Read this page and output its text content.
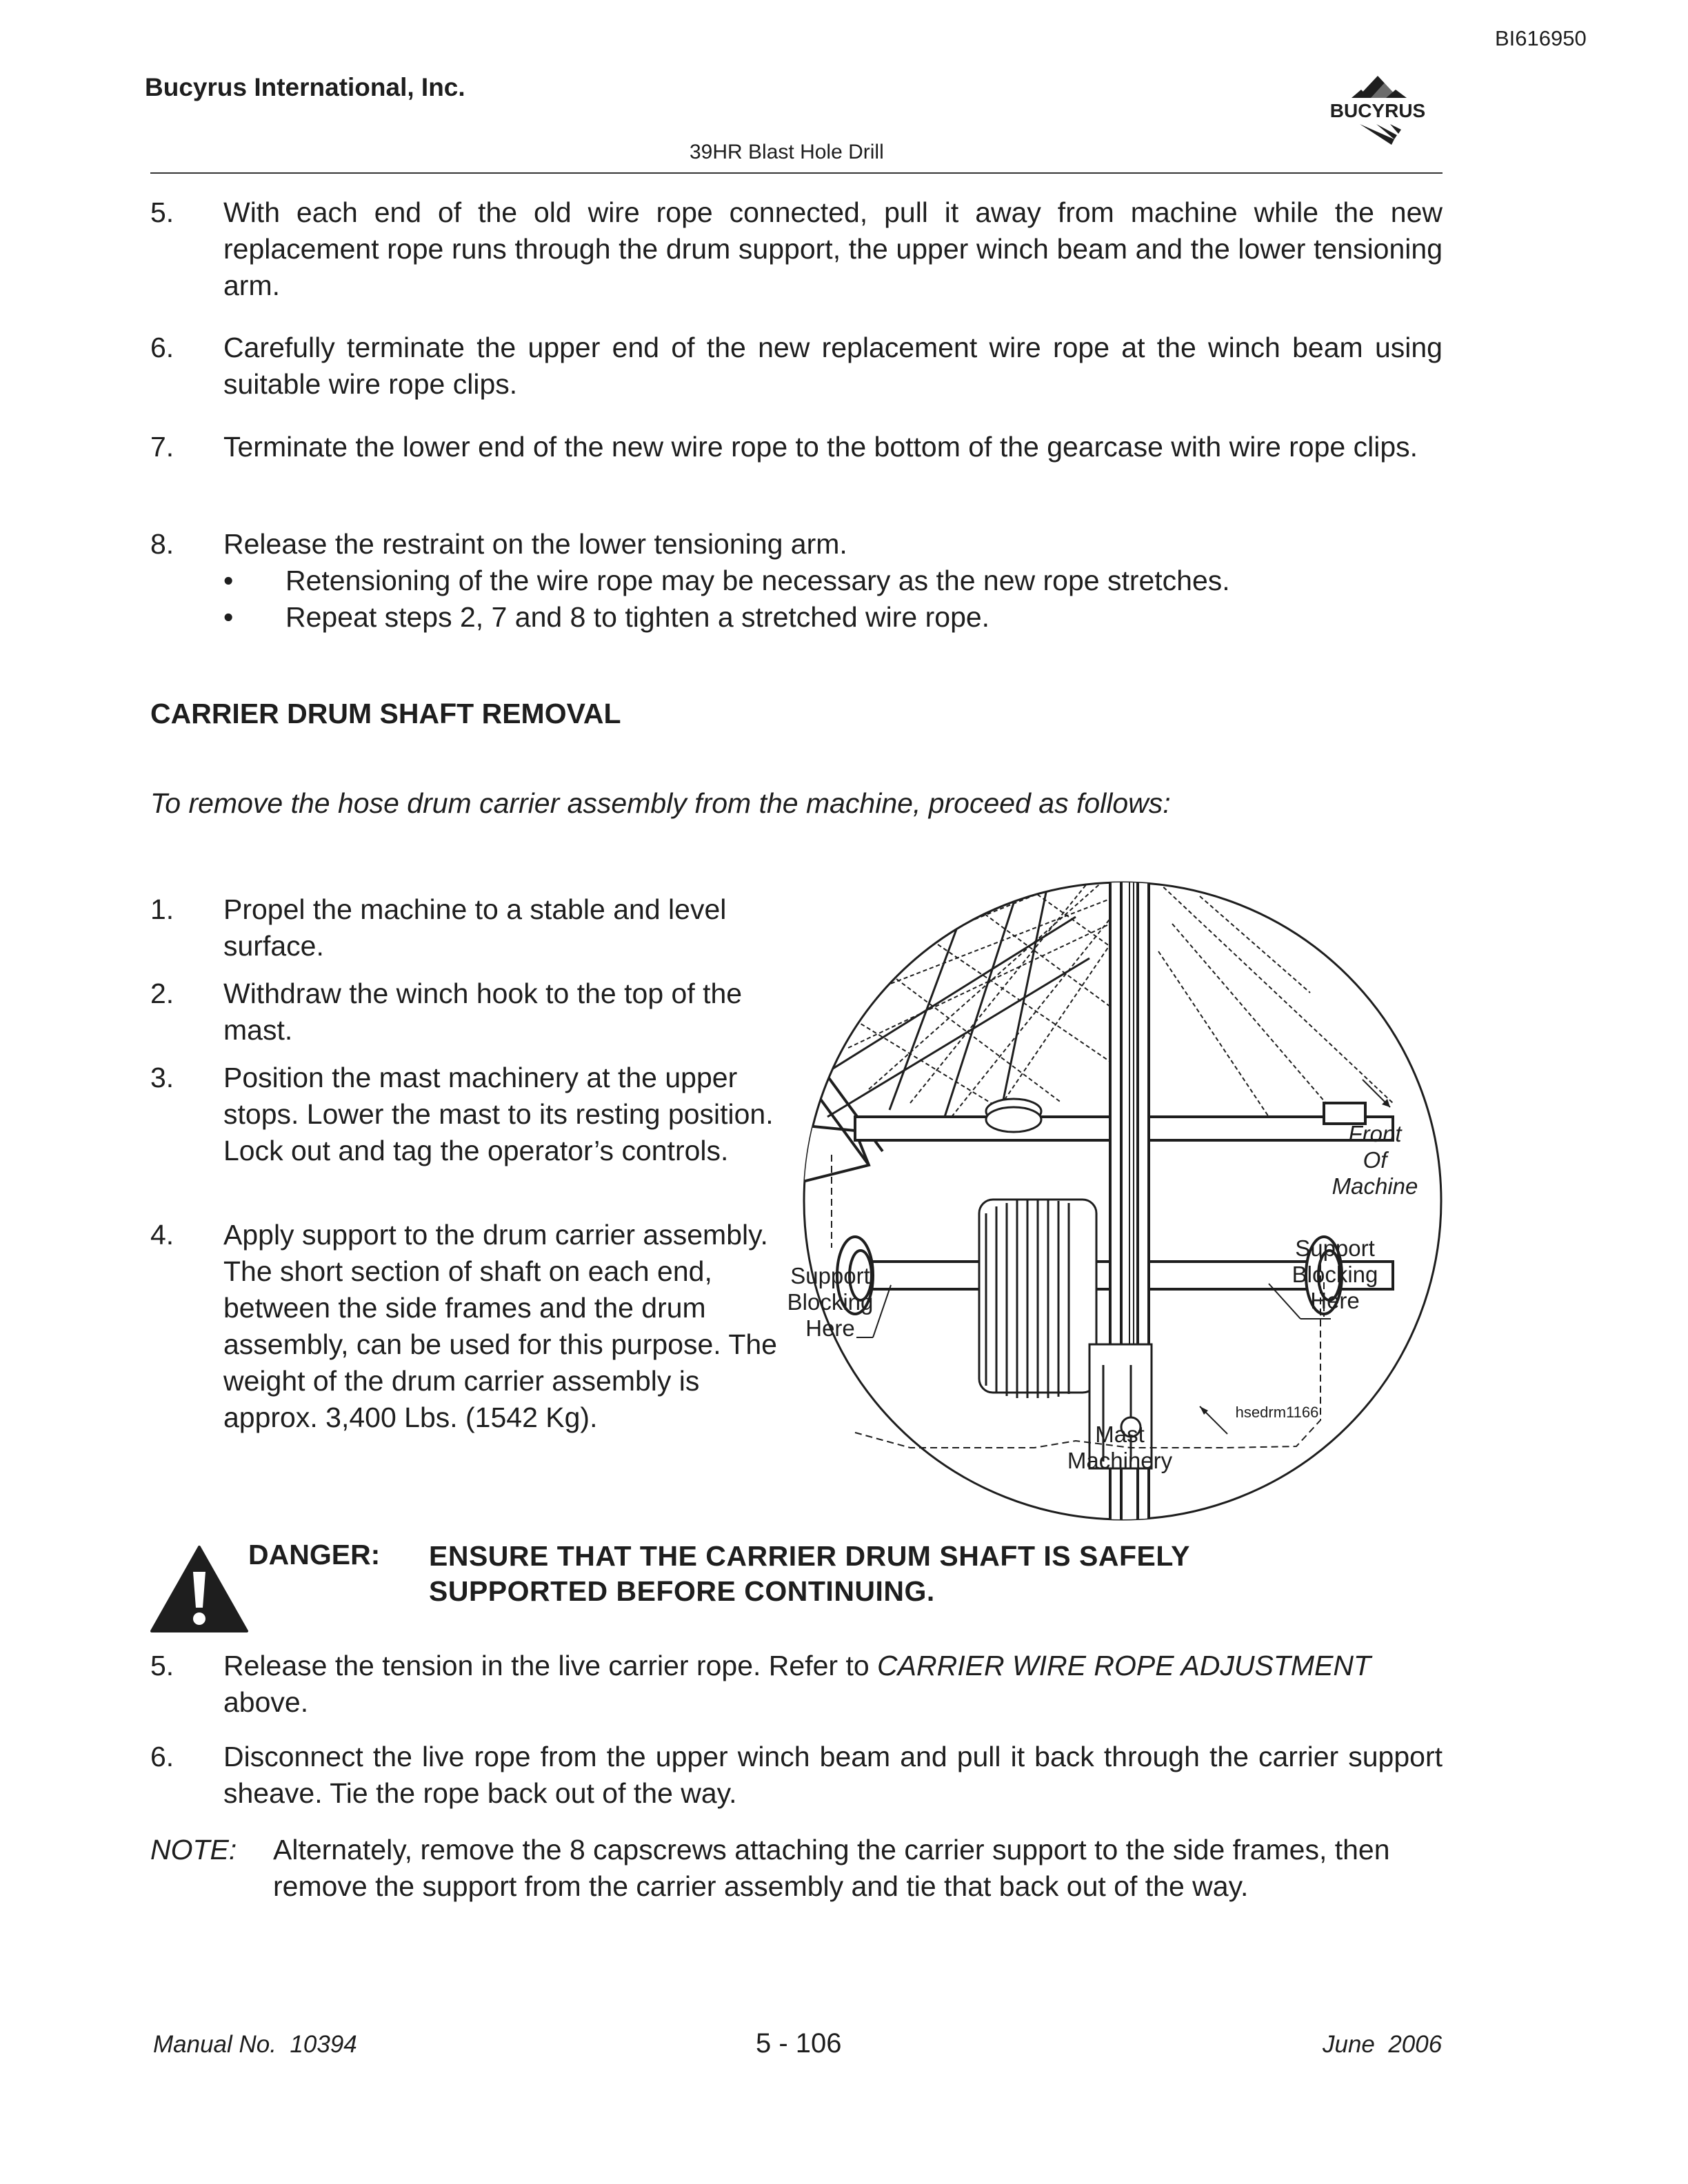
BI616950
Bucyrus International, Inc.
BUCYRUS
39HR Blast Hole Drill
5. With each end of the old wire rope connected, pull it away from machine while the new replacement rope runs through the drum support, the upper winch beam and the lower tensioning arm.
6. Carefully terminate the upper end of the new replacement wire rope at the winch beam using suitable wire rope clips.
7. Terminate the lower end of the new wire rope to the bottom of the gearcase with wire rope clips.
8. Release the restraint on the lower tensioning arm.
• Retensioning of the wire rope may be necessary as the new rope stretches.
• Repeat steps 2, 7 and 8 to tighten a stretched wire rope.
CARRIER DRUM SHAFT REMOVAL
To remove the hose drum carrier assembly from the machine, proceed as follows:
1. Propel the machine to a stable and level surface.
2. Withdraw the winch hook to the top of the mast.
3. Position the mast machinery at the upper stops. Lower the mast to its resting position. Lock out and tag the operator’s controls.
4. Apply support to the drum carrier assembly. The short section of shaft on each end, between the side frames and the drum assembly, can be used for this purpose. The weight of the drum carrier assembly is approx. 3,400 Lbs. (1542 Kg).
Front
Of
Machine
Support
Blocking
Here
Support
Blocking
Here
Mast
Machinery
hsedrm1166
DANGER: ENSURE THAT THE CARRIER DRUM SHAFT IS SAFELY SUPPORTED BEFORE CONTINUING.
5. Release the tension in the live carrier rope. Refer to CARRIER WIRE ROPE ADJUSTMENT above.
6. Disconnect the live rope from the upper winch beam and pull it back through the carrier support sheave. Tie the rope back out of the way.
NOTE: Alternately, remove the 8 capscrews attaching the carrier support to the side frames, then remove the support from the carrier assembly and tie that back out of the way.
Manual No.  10394	5 - 106	June  2006
